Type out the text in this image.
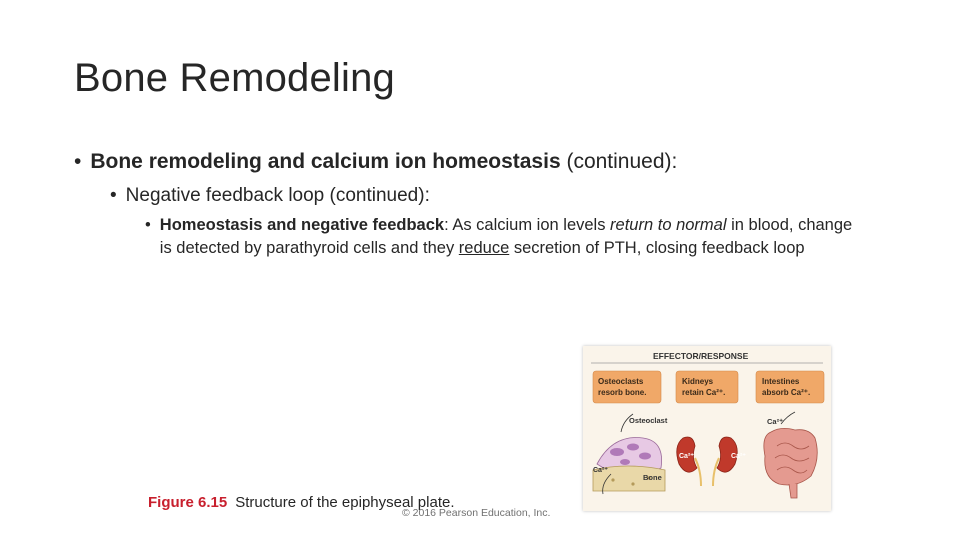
Bone Remodeling
• Bone remodeling and calcium ion homeostasis (continued):
• Negative feedback loop (continued):
• Homeostasis and negative feedback: As calcium ion levels return to normal in blood, change is detected by parathyroid cells and they reduce secretion of PTH, closing feedback loop
EFFECTOR/RESPONSE
Osteoclasts
resorb bone.
Kidneys
retain Ca²⁺.
Intestines
absorb Ca²⁺.
Osteoclast
Ca²⁺
Bone
Ca²⁺	Ca²⁺
Ca²⁺
Figure 6.15 Structure of the epiphyseal plate.
© 2016 Pearson Education, Inc.
